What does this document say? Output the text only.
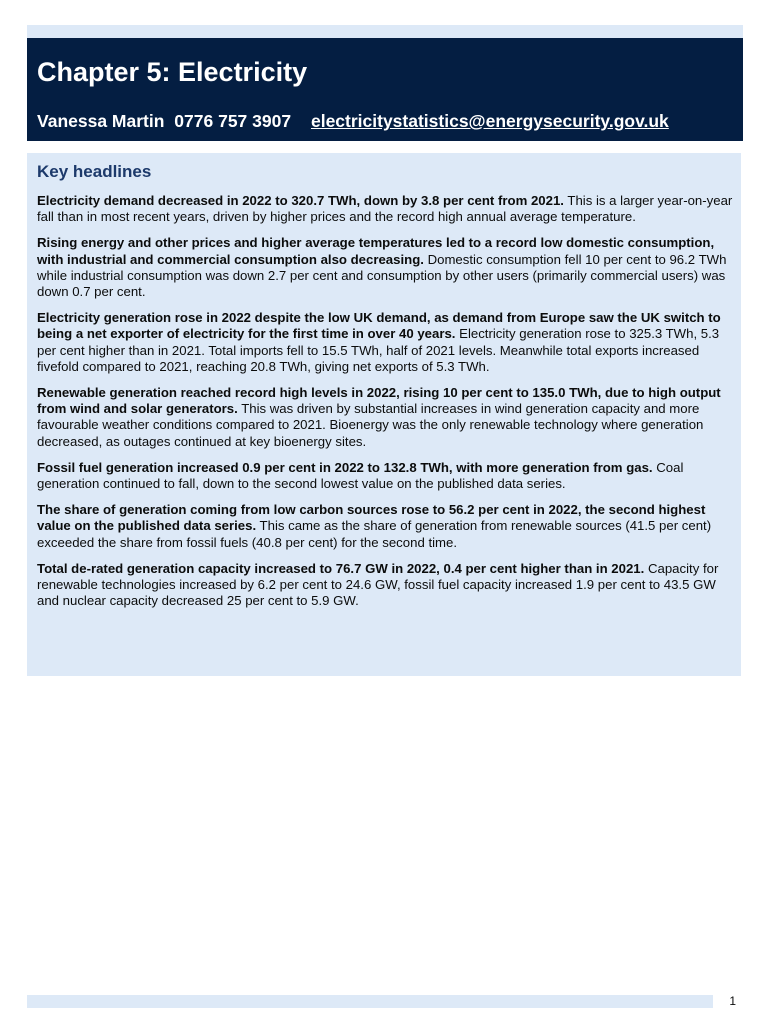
Chapter 5: Electricity
Vanessa Martin 0776 757 3907 electricitystatistics@energysecurity.gov.uk
Key headlines

Electricity demand decreased in 2022 to 320.7 TWh, down by 3.8 per cent from 2021. This is a larger year-on-year fall than in most recent years, driven by higher prices and the record high annual average temperature.

Rising energy and other prices and higher average temperatures led to a record low domestic consumption, with industrial and commercial consumption also decreasing. Domestic consumption fell 10 per cent to 96.2 TWh while industrial consumption was down 2.7 per cent and consumption by other users (primarily commercial users) was down 0.7 per cent.

Electricity generation rose in 2022 despite the low UK demand, as demand from Europe saw the UK switch to being a net exporter of electricity for the first time in over 40 years. Electricity generation rose to 325.3 TWh, 5.3 per cent higher than in 2021. Total imports fell to 15.5 TWh, half of 2021 levels. Meanwhile total exports increased fivefold compared to 2021, reaching 20.8 TWh, giving net exports of 5.3 TWh.

Renewable generation reached record high levels in 2022, rising 10 per cent to 135.0 TWh, due to high output from wind and solar generators. This was driven by substantial increases in wind generation capacity and more favourable weather conditions compared to 2021. Bioenergy was the only renewable technology where generation decreased, as outages continued at key bioenergy sites.

Fossil fuel generation increased 0.9 per cent in 2022 to 132.8 TWh, with more generation from gas. Coal generation continued to fall, down to the second lowest value on the published data series.

The share of generation coming from low carbon sources rose to 56.2 per cent in 2022, the second highest value on the published data series. This came as the share of generation from renewable sources (41.5 per cent) exceeded the share from fossil fuels (40.8 per cent) for the second time.

Total de-rated generation capacity increased to 76.7 GW in 2022, 0.4 per cent higher than in 2021. Capacity for renewable technologies increased by 6.2 per cent to 24.6 GW, fossil fuel capacity increased 1.9 per cent to 43.5 GW and nuclear capacity decreased 25 per cent to 5.9 GW.

1
